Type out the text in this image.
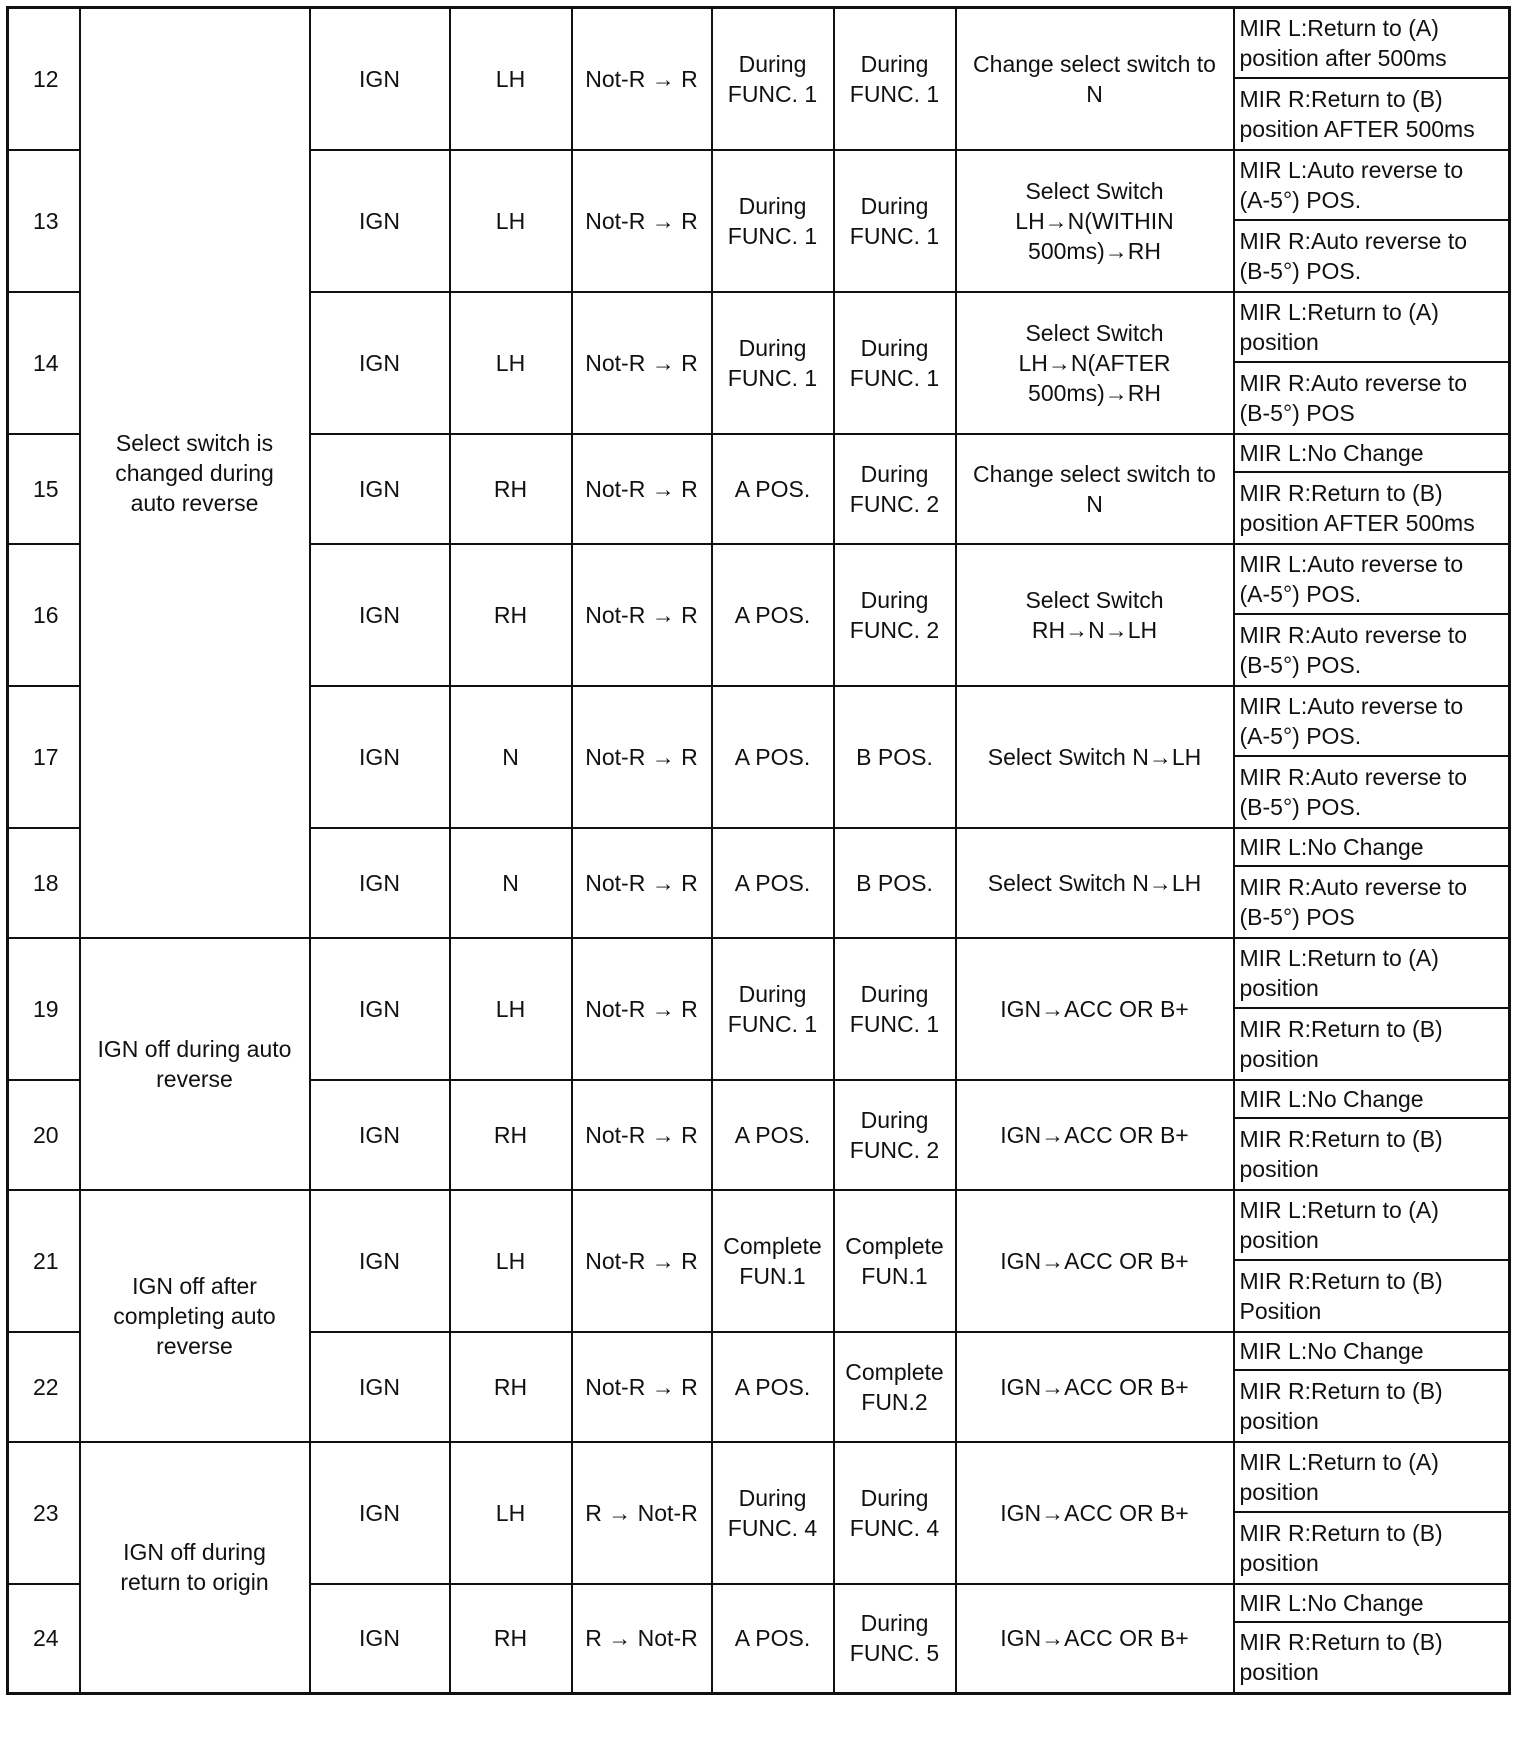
12	Select switch is
changed during
auto reverse	IGN	LH	Not-R → R	During
FUNC. 1	During
FUNC. 1	Change select switch to
N	MIR L:Return to (A)
position after 500ms
								MIR R:Return to (B)
position AFTER 500ms
13		IGN	LH	Not-R → R	During
FUNC. 1	During
FUNC. 1	Select Switch
LH→N(WITHIN
500ms)→RH	MIR L:Auto reverse to
(A-5°) POS.
								MIR R:Auto reverse to
(B-5°) POS.
14		IGN	LH	Not-R → R	During
FUNC. 1	During
FUNC. 1	Select Switch
LH→N(AFTER
500ms)→RH	MIR L:Return to (A)
position
								MIR R:Auto reverse to
(B-5°) POS
15		IGN	RH	Not-R → R	A POS.	During
FUNC. 2	Change select switch to
N	MIR L:No Change
								MIR R:Return to (B)
position AFTER 500ms
16		IGN	RH	Not-R → R	A POS.	During
FUNC. 2	Select Switch
RH→N→LH	MIR L:Auto reverse to
(A-5°) POS.
								MIR R:Auto reverse to
(B-5°) POS.
17		IGN	N	Not-R → R	A POS.	B POS.	Select Switch N→LH	MIR L:Auto reverse to
(A-5°) POS.
								MIR R:Auto reverse to
(B-5°) POS.
18		IGN	N	Not-R → R	A POS.	B POS.	Select Switch N→LH	MIR L:No Change
								MIR R:Auto reverse to
(B-5°) POS
19	IGN off during auto
reverse	IGN	LH	Not-R → R	During
FUNC. 1	During
FUNC. 1	IGN→ACC OR B+	MIR L:Return to (A)
position
								MIR R:Return to (B)
position
20		IGN	RH	Not-R → R	A POS.	During
FUNC. 2	IGN→ACC OR B+	MIR L:No Change
								MIR R:Return to (B)
position
21	IGN off after
completing auto
reverse	IGN	LH	Not-R → R	Complete
FUN.1	Complete
FUN.1	IGN→ACC OR B+	MIR L:Return to (A)
position
								MIR R:Return to (B)
Position
22		IGN	RH	Not-R → R	A POS.	Complete
FUN.2	IGN→ACC OR B+	MIR L:No Change
								MIR R:Return to (B)
position
23	IGN off during
return to origin	IGN	LH	R → Not-R	During
FUNC. 4	During
FUNC. 4	IGN→ACC OR B+	MIR L:Return to (A)
position
								MIR R:Return to (B)
position
24		IGN	RH	R → Not-R	A POS.	During
FUNC. 5	IGN→ACC OR B+	MIR L:No Change
								MIR R:Return to (B)
position
